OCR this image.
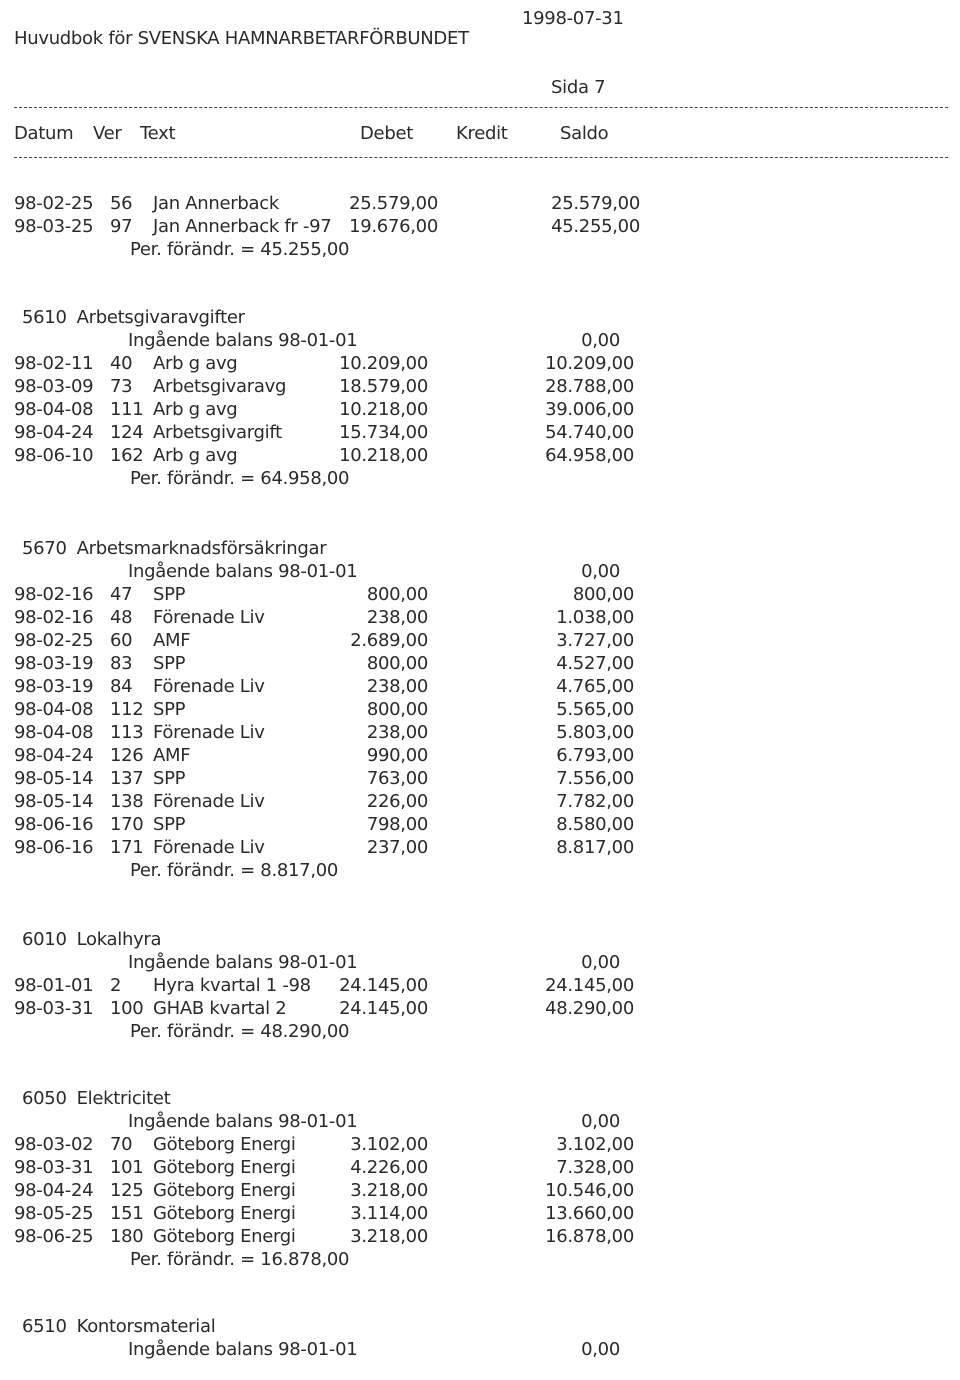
Huvudbok för SVENSKA HAMNARBETARFÖRBUNDET
1998-07-31
Sida 7
Datum Ver Text	Debet Kredit	Saldo
98-02-25 56 Jan Annerback	25.579,00	25.579,00
98-03-25 97 Jan Annerback fr -97 19.676,00	45.255,00
Per. förändr. = 45.255,00
5610 Arbetsgivaravgifter
Ingående balans 98-01-01	0,00
98-02-11 40 Arb g avg	10.209,00	10.209,00
98-03-09 73 Arbetsgivaravg	18.579,00	28.788,00
98-04-08 111 Arb g avg	10.218,00	39.006,00
98-04-24 124 Arbetsgivargift	15.734,00	54.740,00
98-06-10 162 Arb g avg	10.218,00	64.958,00
Per. förändr. = 64.958,00
5670 Arbetsmarknadsförsäkringar
Ingående balans 98-01-01	0,00
98-02-16 47 SPP	800,00	800,00
98-02-16 48 Förenade Liv	238,00	1.038,00
98-02-25 60 AMF	2.689,00	3.727,00
98-03-19 83 SPP	800,00	4.527,00
98-03-19 84 Förenade Liv	238,00	4.765,00
98-04-08 112 SPP	800,00	5.565,00
98-04-08 113 Förenade Liv	238,00	5.803,00
98-04-24 126 AMF	990,00	6.793,00
98-05-14 137 SPP	763,00	7.556,00
98-05-14 138 Förenade Liv	226,00	7.782,00
98-06-16 170 SPP	798,00	8.580,00
98-06-16 171 Förenade Liv	237,00	8.817,00
Per. förändr. = 8.817,00
6010 Lokalhyra
Ingående balans 98-01-01	0,00
98-01-01 2 Hyra kvartal 1 -98	24.145,00	24.145,00
98-03-31 100 GHAB kvartal 2	24.145,00	48.290,00
Per. förändr. = 48.290,00
6050 Elektricitet
Ingående balans 98-01-01	0,00
98-03-02 70 Göteborg Energi	3.102,00	3.102,00
98-03-31 101 Göteborg Energi	4.226,00	7.328,00
98-04-24 125 Göteborg Energi	3.218,00	10.546,00
98-05-25 151 Göteborg Energi	3.114,00	13.660,00
98-06-25 180 Göteborg Energi	3.218,00	16.878,00
Per. förändr. = 16.878,00
6510 Kontorsmaterial
Ingående balans 98-01-01	0,00
